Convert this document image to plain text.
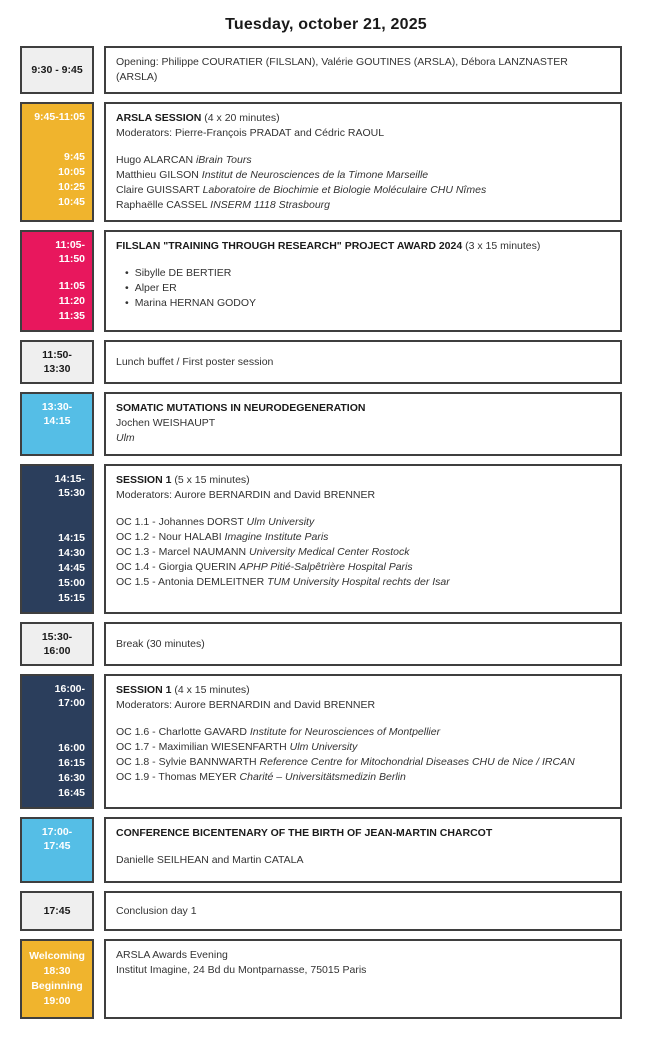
Tuesday, october 21, 2025
9:30 - 9:45
Opening: Philippe COURATIER (FILSLAN), Valérie GOUTINES (ARSLA), Débora LANZNASTER (ARSLA)
9:45-11:05
9:45
10:05
10:25
10:45
ARSLA SESSION (4 x 20 minutes)
Moderators: Pierre-François PRADAT and Cédric RAOUL
Hugo ALARCAN iBrain Tours
Matthieu GILSON Institut de Neurosciences de la Timone Marseille
Claire GUISSART Laboratoire de Biochimie et Biologie Moléculaire CHU Nîmes
Raphaëlle CASSEL INSERM 1118 Strasbourg
11:05-11:50
11:05
11:20
11:35
FILSLAN "TRAINING THROUGH RESEARCH" PROJECT AWARD 2024 (3 x 15 minutes)
• Sibylle DE BERTIER
• Alper ER
• Marina HERNAN GODOY
11:50-13:30
Lunch buffet / First poster session
13:30-14:15
SOMATIC MUTATIONS IN NEURODEGENERATION
Jochen WEISHAUPT
Ulm
14:15-15:30
14:15
14:30
14:45
15:00
15:15
SESSION 1 (5 x 15 minutes)
Moderators: Aurore BERNARDIN and David BRENNER
OC 1.1 - Johannes DORST Ulm University
OC 1.2 - Nour HALABI Imagine Institute Paris
OC 1.3 - Marcel NAUMANN University Medical Center Rostock
OC 1.4 - Giorgia QUERIN APHP Pitié-Salpêtrière Hospital Paris
OC 1.5 - Antonia DEMLEITNER TUM University Hospital rechts der Isar
15:30-16:00
Break (30 minutes)
16:00-17:00
16:00
16:15
16:30
16:45
SESSION 1 (4 x 15 minutes)
Moderators: Aurore BERNARDIN and David BRENNER
OC 1.6 - Charlotte GAVARD Institute for Neurosciences of Montpellier
OC 1.7 - Maximilian WIESENFARTH Ulm University
OC 1.8 - Sylvie BANNWARTH Reference Centre for Mitochondrial Diseases CHU de Nice / IRCAN
OC 1.9 - Thomas MEYER Charité – Universitätsmedizin Berlin
17:00-17:45
CONFERENCE BICENTENARY OF THE BIRTH OF JEAN-MARTIN CHARCOT
Danielle SEILHEAN and Martin CATALA
17:45	Conclusion day 1
Welcoming
18:30
Beginning
19:00
ARSLA Awards Evening
Institut Imagine, 24 Bd du Montparnasse, 75015 Paris
